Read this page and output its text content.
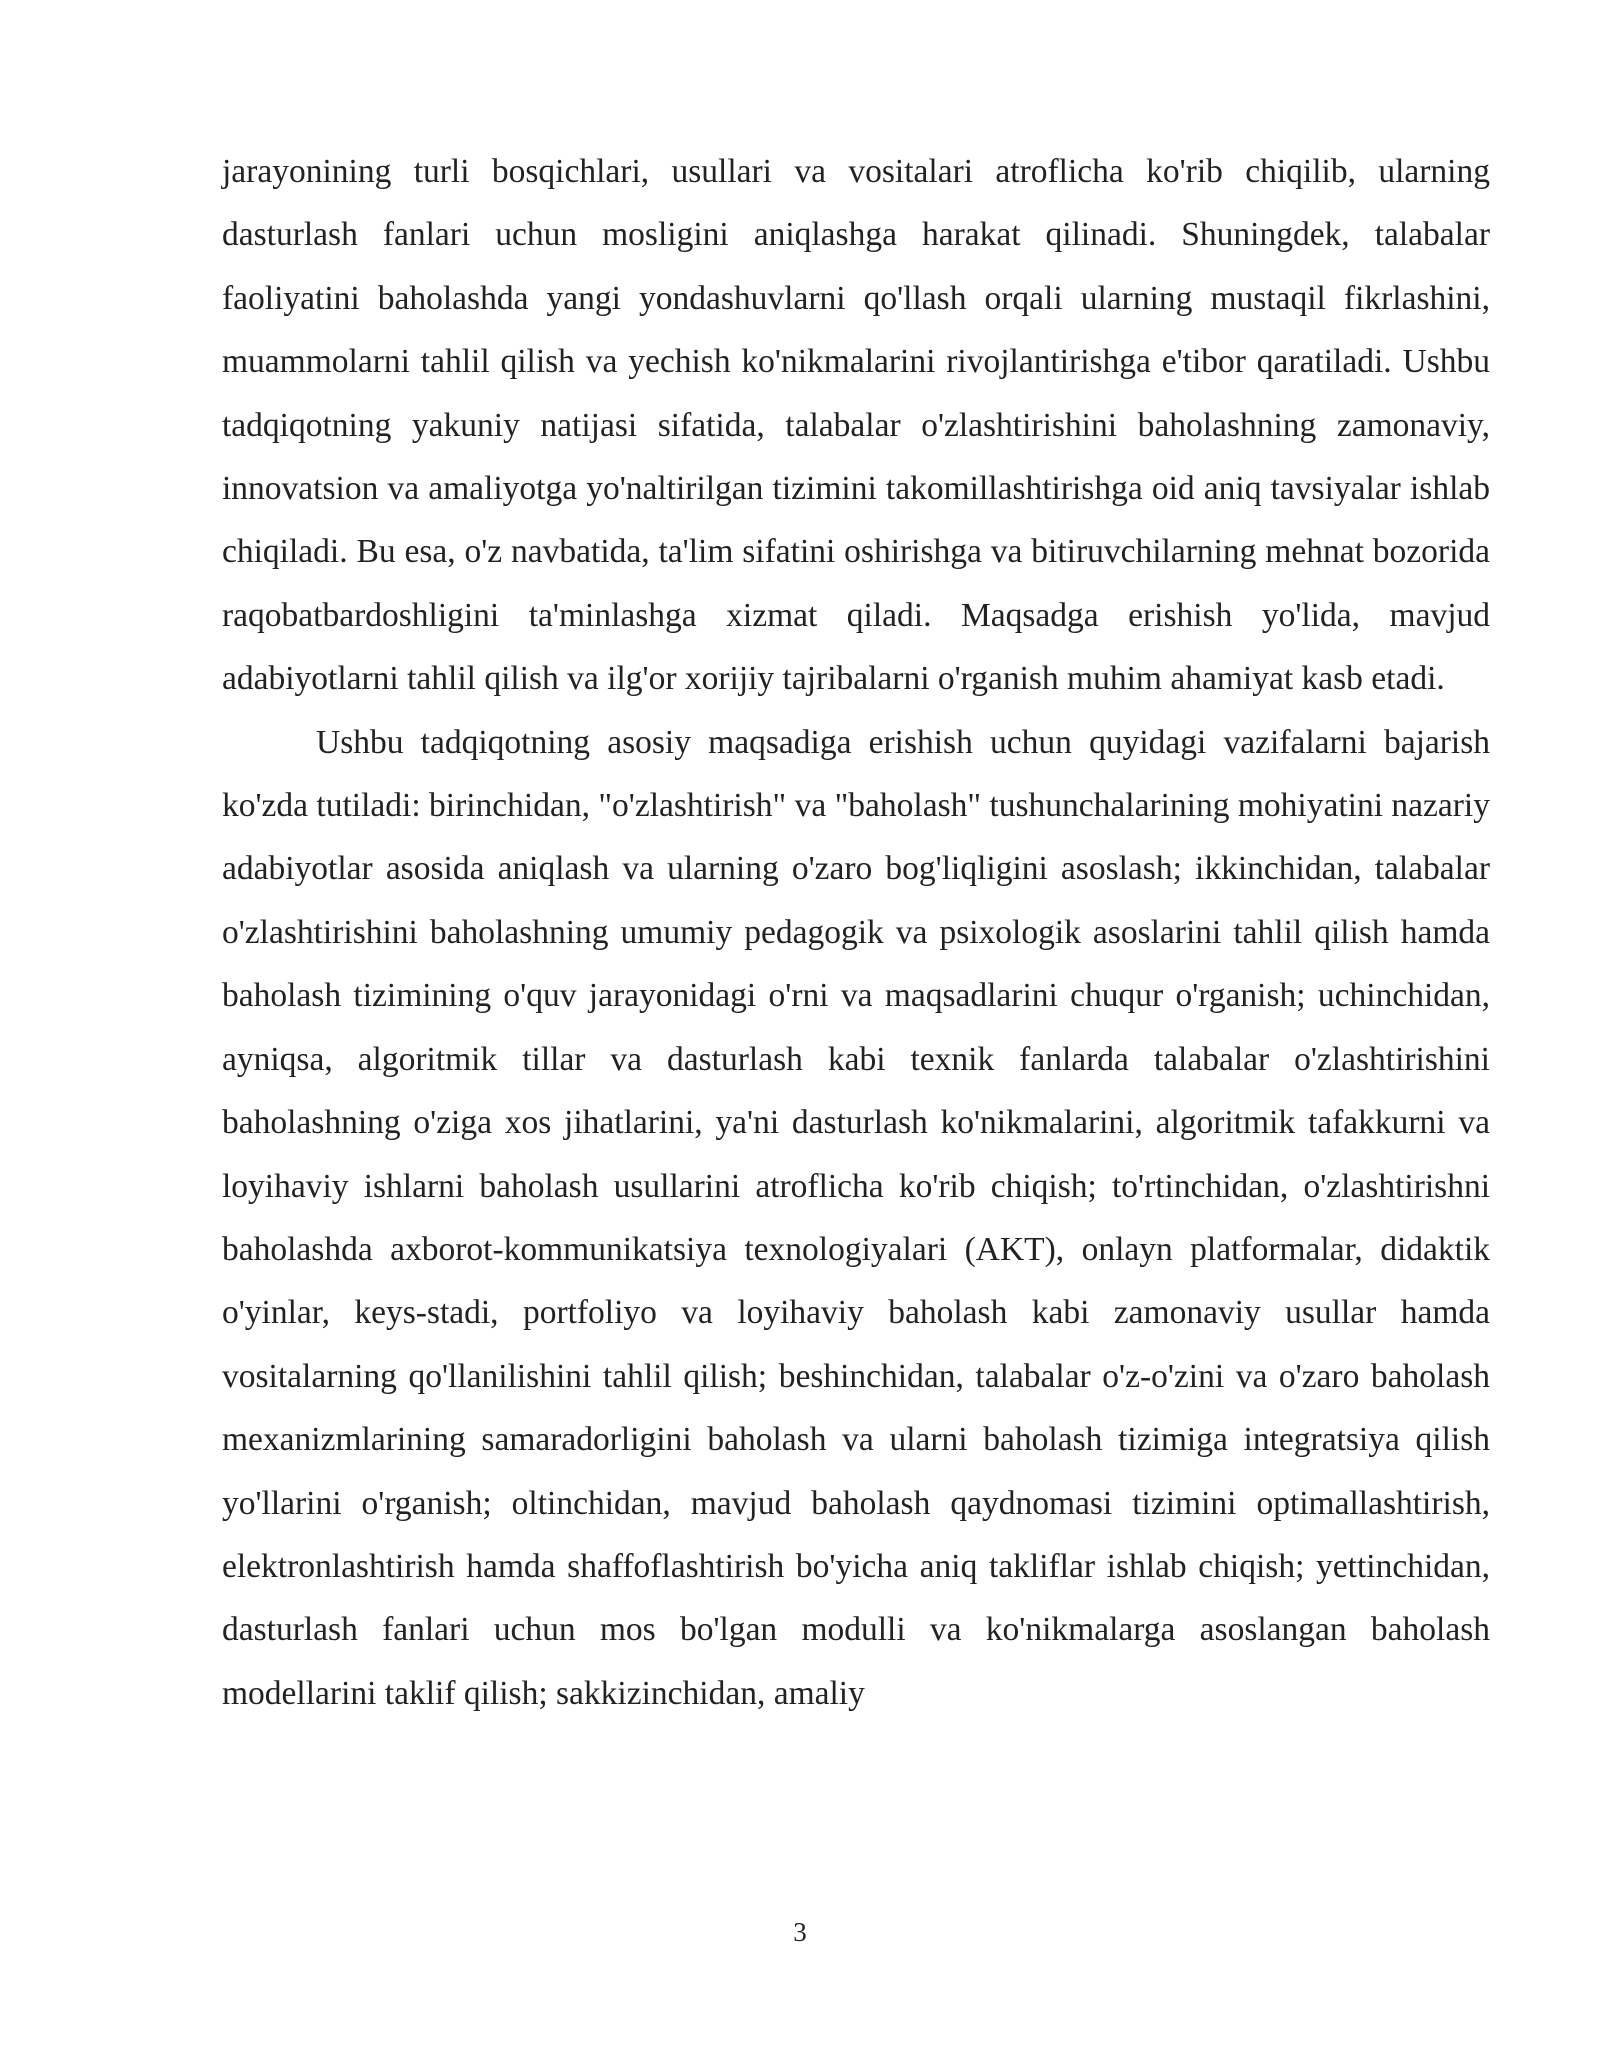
jarayonining turli bosqichlari, usullari va vositalari atroflicha ko'rib chiqilib, ularning dasturlash fanlari uchun mosligini aniqlashga harakat qilinadi. Shuningdek, talabalar faoliyatini baholashda yangi yondashuvlarni qo'llash orqali ularning mustaqil fikrlashini, muammolarni tahlil qilish va yechish ko'nikmalarini rivojlantirishga e'tibor qaratiladi. Ushbu tadqiqotning yakuniy natijasi sifatida, talabalar o'zlashtirishini baholashning zamonaviy, innovatsion va amaliyotga yo'naltirilgan tizimini takomillashtirishga oid aniq tavsiyalar ishlab chiqiladi. Bu esa, o'z navbatida, ta'lim sifatini oshirishga va bitiruvchilarning mehnat bozorida raqobatbardoshligini ta'minlashga xizmat qiladi. Maqsadga erishish yo'lida, mavjud adabiyotlarni tahlil qilish va ilg'or xorijiy tajribalarni o'rganish muhim ahamiyat kasb etadi.

Ushbu tadqiqotning asosiy maqsadiga erishish uchun quyidagi vazifalarni bajarish ko'zda tutiladi: birinchidan, "o'zlashtirish" va "baholash" tushunchalarining mohiyatini nazariy adabiyotlar asosida aniqlash va ularning o'zaro bog'liqligini asoslash; ikkinchidan, talabalar o'zlashtirishini baholashning umumiy pedagogik va psixologik asoslarini tahlil qilish hamda baholash tizimining o'quv jarayonidagi o'rni va maqsadlarini chuqur o'rganish; uchinchidan, ayniqsa, algoritmik tillar va dasturlash kabi texnik fanlarda talabalar o'zlashtirishini baholashning o'ziga xos jihatlarini, ya'ni dasturlash ko'nikmalarini, algoritmik tafakkurni va loyihaviy ishlarni baholash usullarini atroflicha ko'rib chiqish; to'rtinchidan, o'zlashtirishni baholashda axborot-kommunikatsiya texnologiyalari (AKT), onlayn platformalar, didaktik o'yinlar, keys-stadi, portfoliyo va loyihaviy baholash kabi zamonaviy usullar hamda vositalarning qo'llanilishini tahlil qilish; beshinchidan, talabalar o'z-o'zini va o'zaro baholash mexanizmlarining samaradorligini baholash va ularni baholash tizimiga integratsiya qilish yo'llarini o'rganish; oltinchidan, mavjud baholash qaydnomasi tizimini optimallashtirish, elektronlashtirish hamda shaffoflashtirish bo'yicha aniq takliflar ishlab chiqish; yettinchidan, dasturlash fanlari uchun mos bo'lgan modulli va ko'nikmalarga asoslangan baholash modellarini taklif qilish; sakkizinchidan, amaliy

3
